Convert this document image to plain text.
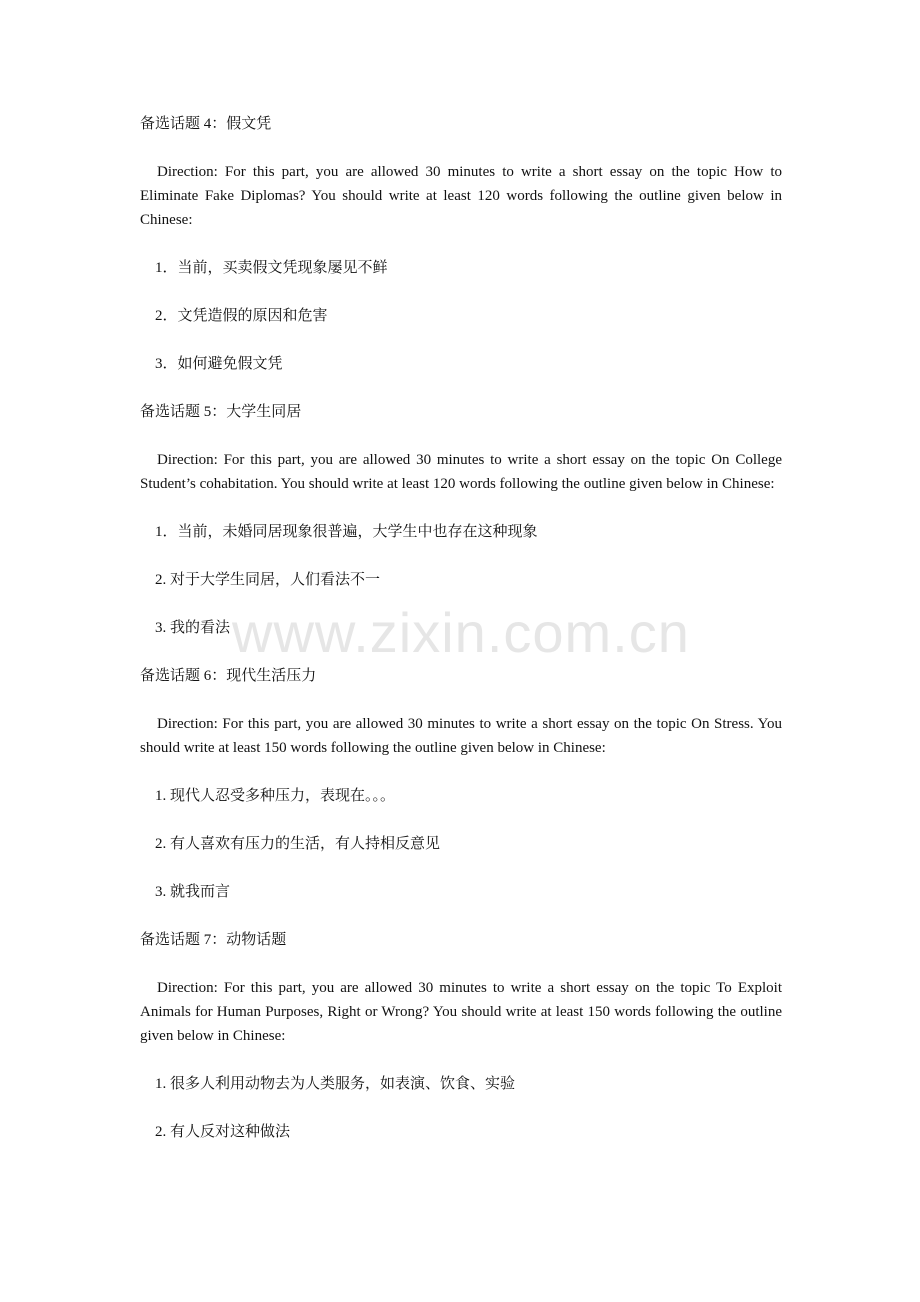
备选话题 4：假文凭

Direction: For this part, you are allowed 30 minutes to write a short essay on the topic How to Eliminate Fake Diplomas? You should write at least 120 words following the outline given below in Chinese:

1．当前，买卖假文凭现象屡见不鲜

2．文凭造假的原因和危害

3．如何避免假文凭

备选话题 5：大学生同居

Direction: For this part, you are allowed 30 minutes to write a short essay on the topic On College Student’s cohabitation. You should write at least 120 words following the outline given below in Chinese:

1．当前，未婚同居现象很普遍，大学生中也存在这种现象

2. 对于大学生同居，人们看法不一

3. 我的看法

备选话题 6：现代生活压力

Direction: For this part, you are allowed 30 minutes to write a short essay on the topic On Stress. You should write at least 150 words following the outline given below in Chinese:

1. 现代人忍受多种压力，表现在。。。

2. 有人喜欢有压力的生活，有人持相反意见

3. 就我而言

备选话题 7：动物话题

Direction: For this part, you are allowed 30 minutes to write a short essay on the topic To Exploit Animals for Human Purposes, Right or Wrong? You should write at least 150 words following the outline given below in Chinese:

1. 很多人利用动物去为人类服务，如表演、饮食、实验

2. 有人反对这种做法

www.zixin.com.cn
